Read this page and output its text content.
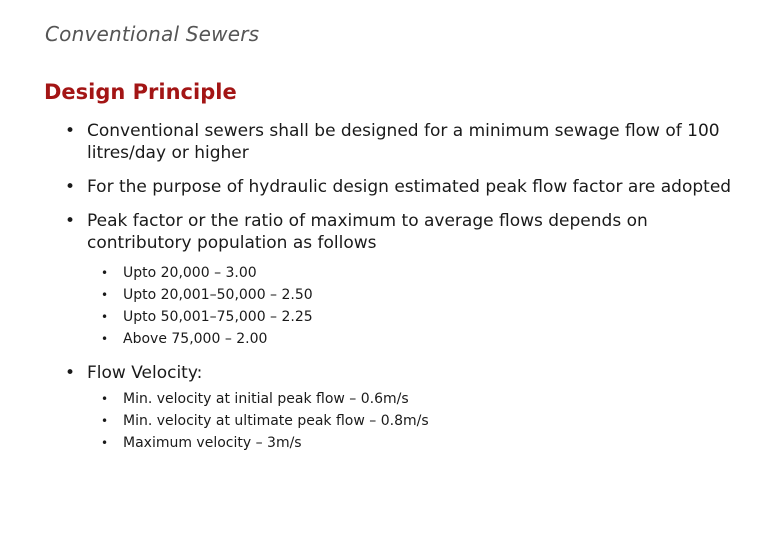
Conventional Sewers
Design Principle
• Conventional sewers shall be designed for a minimum sewage flow of 100 litres/day or higher
• For the purpose of hydraulic design estimated peak flow factor are adopted
• Peak factor or the ratio of maximum to average flows depends on contributory population as follows
• Upto 20,000 – 3.00
• Upto 20,001–50,000 – 2.50
• Upto 50,001–75,000 – 2.25
• Above 75,000 – 2.00
• Flow Velocity:
• Min. velocity at initial peak flow – 0.6m/s
• Min. velocity at ultimate peak flow – 0.8m/s
• Maximum velocity – 3m/s
